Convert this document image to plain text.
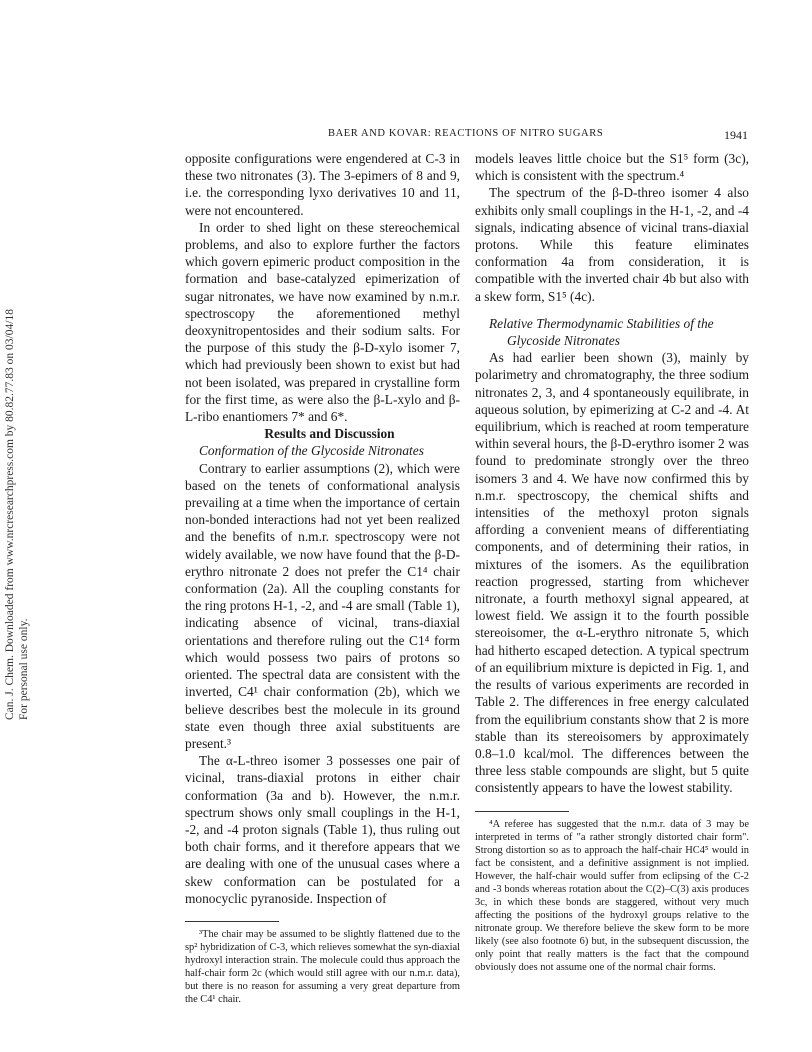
Can. J. Chem. Downloaded from www.nrcresearchpress.com by 80.82.77.83 on 03/04/18 For personal use only.
BAER AND KOVAR: REACTIONS OF NITRO SUGARS	1941

opposite configurations were engendered at C-3 in these two nitronates (3). The 3-epimers of 8 and 9, i.e. the corresponding lyxo derivatives 10 and 11, were not encountered.

In order to shed light on these stereochemical problems, and also to explore further the factors which govern epimeric product composition in the formation and base-catalyzed epimerization of sugar nitronates, we have now examined by n.m.r. spectroscopy the aforementioned methyl deoxynitropentosides and their sodium salts. For the purpose of this study the β-D-xylo isomer 7, which had previously been shown to exist but had not been isolated, was prepared in crystalline form for the first time, as were also the β-L-xylo and β-L-ribo enantiomers 7* and 6*.

Results and Discussion

Conformation of the Glycoside Nitronates

Contrary to earlier assumptions (2), which were based on the tenets of conformational analysis prevailing at a time when the importance of certain non-bonded interactions had not yet been realized and the benefits of n.m.r. spectroscopy were not widely available, we now have found that the β-D-erythro nitronate 2 does not prefer the C1⁴ chair conformation (2a). All the coupling constants for the ring protons H-1, -2, and -4 are small (Table 1), indicating absence of vicinal, trans-diaxial orientations and therefore ruling out the C1⁴ form which would possess two pairs of protons so oriented. The spectral data are consistent with the inverted, C4¹ chair conformation (2b), which we believe describes best the molecule in its ground state even though three axial substituents are present.³

The α-L-threo isomer 3 possesses one pair of vicinal, trans-diaxial protons in either chair conformation (3a and b). However, the n.m.r. spectrum shows only small couplings in the H-1, -2, and -4 proton signals (Table 1), thus ruling out both chair forms, and it therefore appears that we are dealing with one of the unusual cases where a skew conformation can be postulated for a monocyclic pyranoside. Inspection of

³The chair may be assumed to be slightly flattened due to the sp² hybridization of C-3, which relieves somewhat the syn-diaxial hydroxyl interaction strain. The molecule could thus approach the half-chair form 2c (which would still agree with our n.m.r. data), but there is no reason for assuming a very great departure from the C4¹ chair.

models leaves little choice but the S1⁵ form (3c), which is consistent with the spectrum.⁴

The spectrum of the β-D-threo isomer 4 also exhibits only small couplings in the H-1, -2, and -4 signals, indicating absence of vicinal trans-diaxial protons. While this feature eliminates conformation 4a from consideration, it is compatible with the inverted chair 4b but also with a skew form, S1⁵ (4c).

Relative Thermodynamic Stabilities of the
Glycoside Nitronates

As had earlier been shown (3), mainly by polarimetry and chromatography, the three sodium nitronates 2, 3, and 4 spontaneously equilibrate, in aqueous solution, by epimerizing at C-2 and -4. At equilibrium, which is reached at room temperature within several hours, the β-D-erythro isomer 2 was found to predominate strongly over the threo isomers 3 and 4. We have now confirmed this by n.m.r. spectroscopy, the chemical shifts and intensities of the methoxyl proton signals affording a convenient means of differentiating components, and of determining their ratios, in mixtures of the isomers. As the equilibration reaction progressed, starting from whichever nitronate, a fourth methoxyl signal appeared, at lowest field. We assign it to the fourth possible stereoisomer, the α-L-erythro nitronate 5, which had hitherto escaped detection. A typical spectrum of an equilibrium mixture is depicted in Fig. 1, and the results of various experiments are recorded in Table 2. The differences in free energy calculated from the equilibrium constants show that 2 is more stable than its stereoisomers by approximately 0.8–1.0 kcal/mol. The differences between the three less stable compounds are slight, but 5 quite consistently appears to have the lowest stability.

⁴A referee has suggested that the n.m.r. data of 3 may be interpreted in terms of "a rather strongly distorted chair form". Strong distortion so as to approach the half-chair HC4⁵ would in fact be consistent, and a definitive assignment is not implied. However, the half-chair would suffer from eclipsing of the C-2 and -3 bonds whereas rotation about the C(2)–C(3) axis produces 3c, in which these bonds are staggered, without very much affecting the positions of the hydroxyl groups relative to the nitronate group. We therefore believe the skew form to be more likely (see also footnote 6) but, in the subsequent discussion, the only point that really matters is the fact that the compound obviously does not assume one of the normal chair forms.
